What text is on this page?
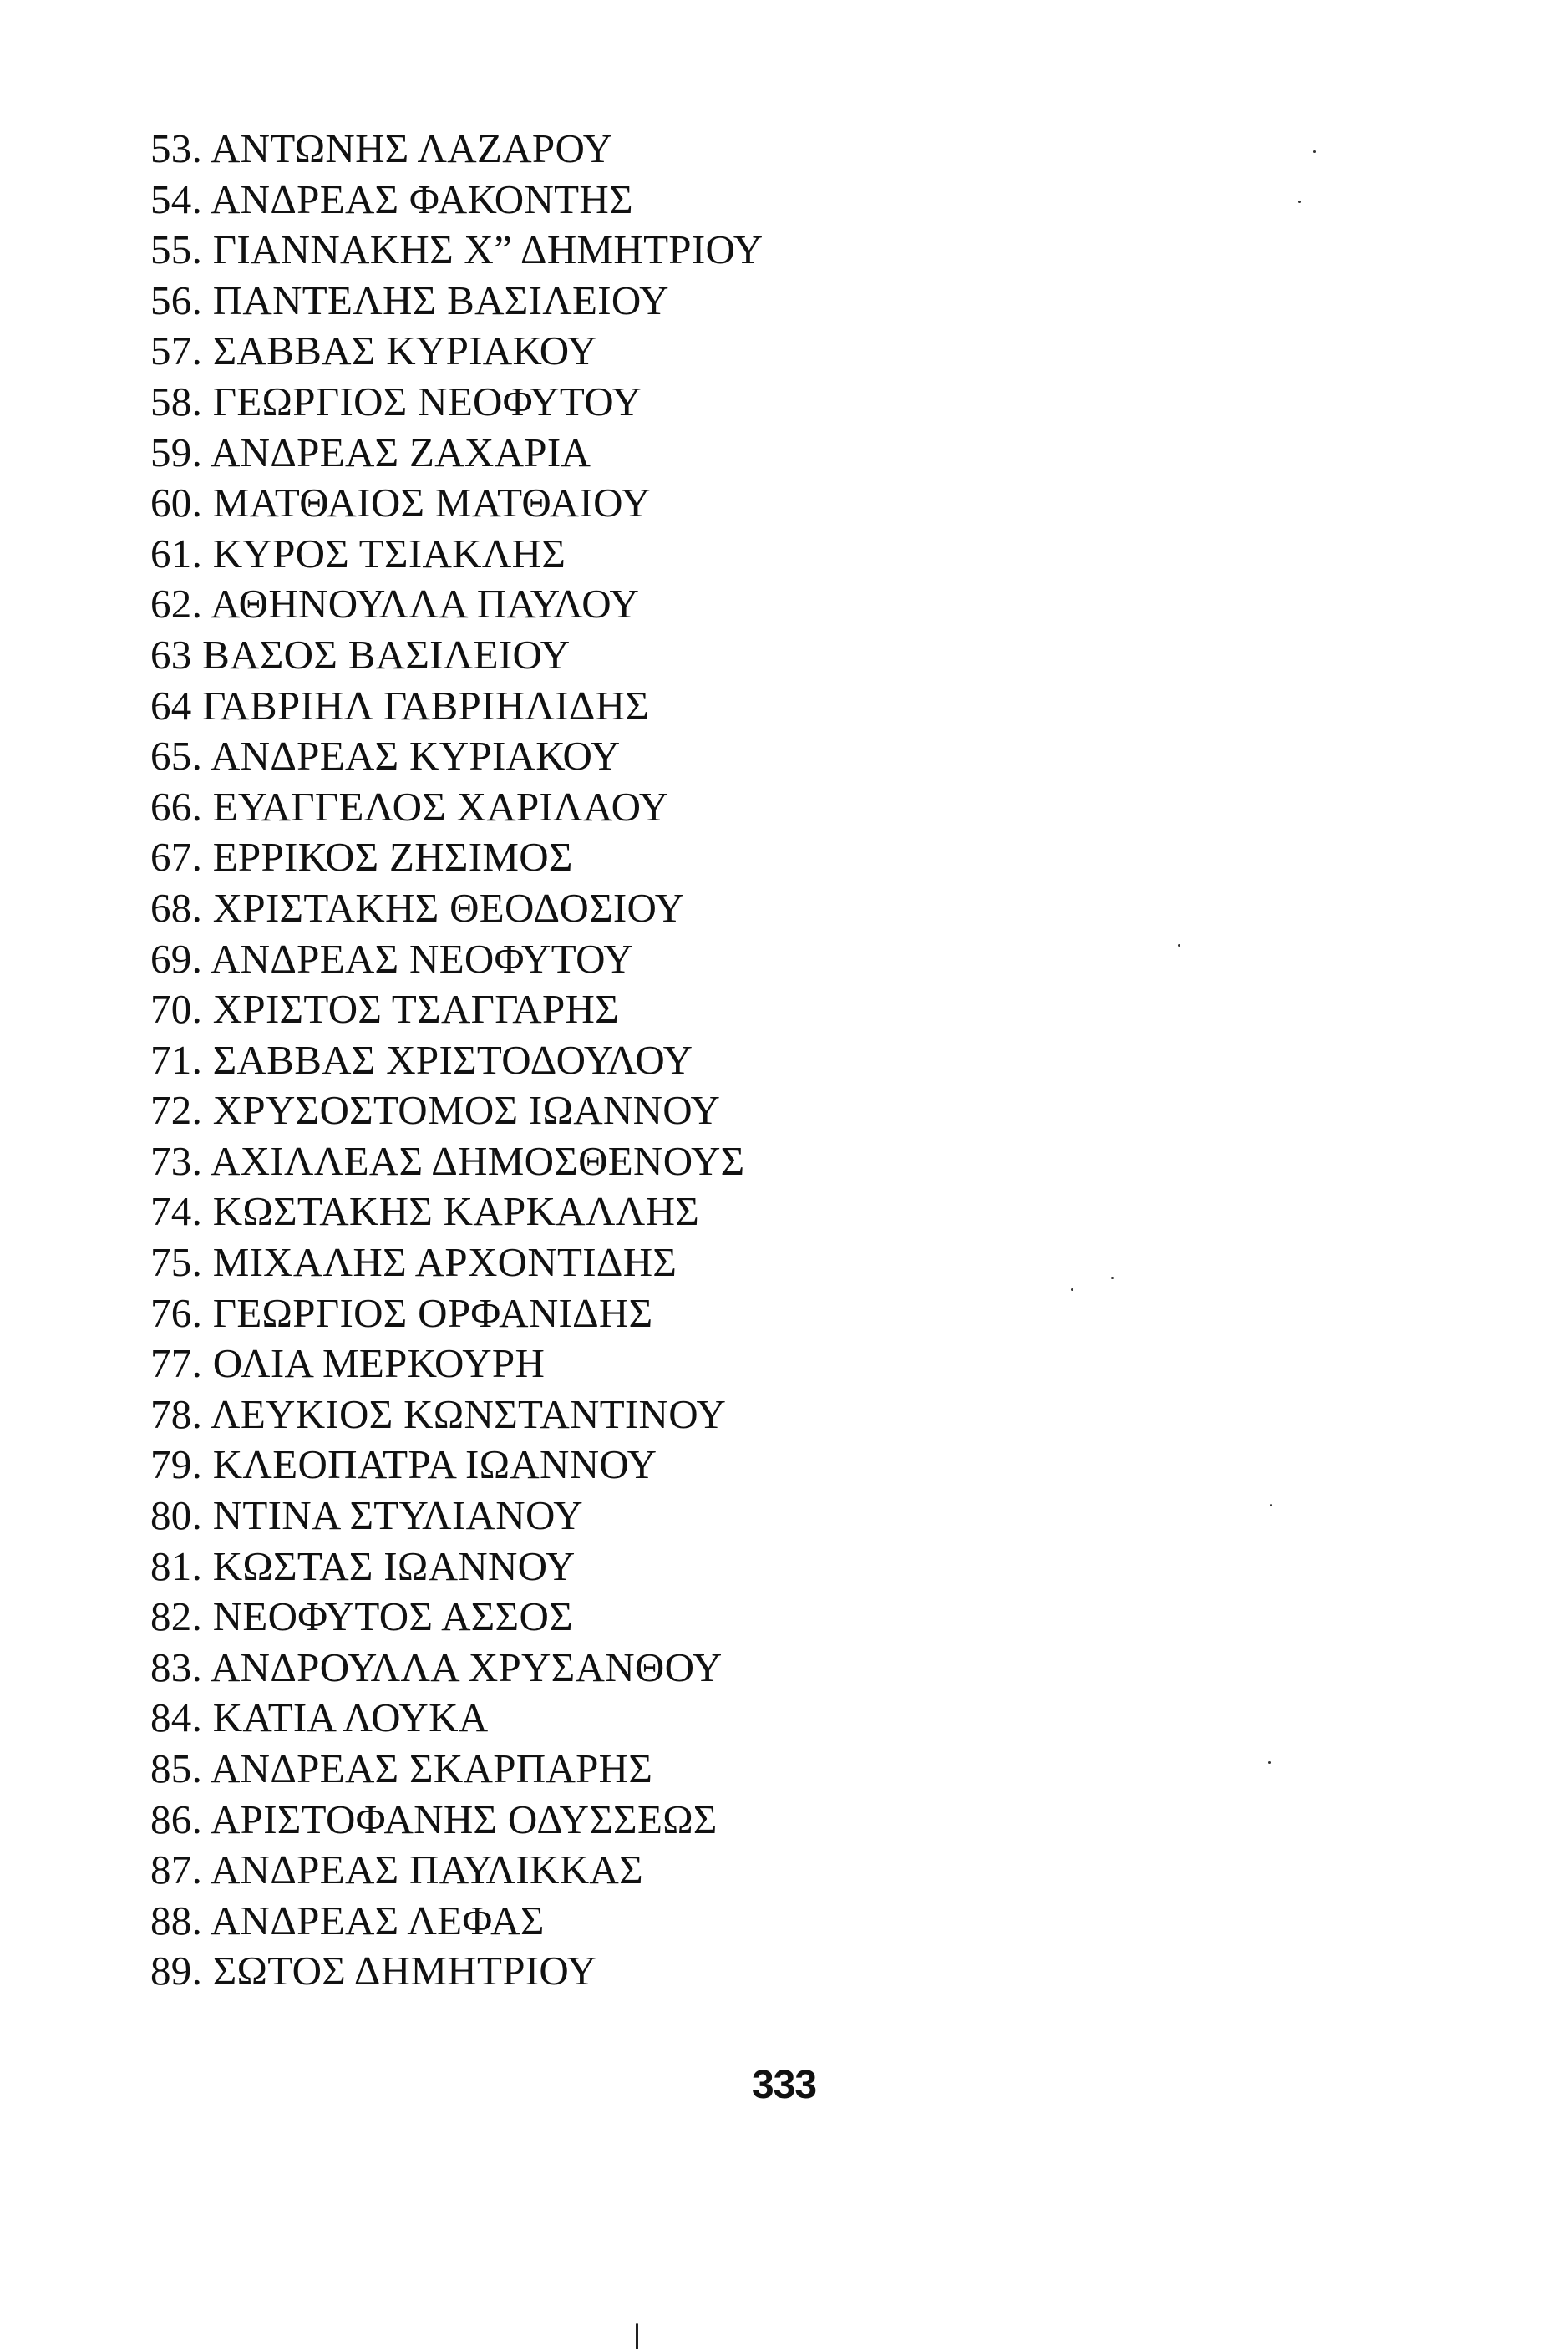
53. ΑΝΤΩΝΗΣ ΛΑΖΑΡΟΥ
54. ΑΝΔΡΕΑΣ ΦΑΚΟΝΤΗΣ
55. ΓΙΑΝΝΑΚΗΣ Χ” ΔΗΜΗΤΡΙΟΥ
56. ΠΑΝΤΕΛΗΣ ΒΑΣΙΛΕΙΟΥ
57. ΣΑΒΒΑΣ ΚΥΡΙΑΚΟΥ
58. ΓΕΩΡΓΙΟΣ ΝΕΟΦΥΤΟΥ
59. ΑΝΔΡΕΑΣ ΖΑΧΑΡΙΑ
60. ΜΑΤΘΑΙΟΣ ΜΑΤΘΑΙΟΥ
61. ΚΥΡΟΣ ΤΣΙΑΚΛΗΣ
62. ΑΘΗΝΟΥΛΛΑ ΠΑΥΛΟΥ
63 ΒΑΣΟΣ ΒΑΣΙΛΕΙΟΥ
64 ΓΑΒΡΙΗΛ ΓΑΒΡΙΗΛΙΔΗΣ
65. ΑΝΔΡΕΑΣ ΚΥΡΙΑΚΟΥ
66. ΕΥΑΓΓΕΛΟΣ ΧΑΡΙΛΑΟΥ
67. ΕΡΡΙΚΟΣ ΖΗΣΙΜΟΣ
68. ΧΡΙΣΤΑΚΗΣ ΘΕΟΔΟΣΙΟΥ
69. ΑΝΔΡΕΑΣ ΝΕΟΦΥΤΟΥ
70. ΧΡΙΣΤΟΣ ΤΣΑΓΓΑΡΗΣ
71. ΣΑΒΒΑΣ ΧΡΙΣΤΟΔΟΥΛΟΥ
72. ΧΡΥΣΟΣΤΟΜΟΣ ΙΩΑΝΝΟΥ
73. ΑΧΙΛΛΕΑΣ ΔΗΜΟΣΘΕΝΟΥΣ
74. ΚΩΣΤΑΚΗΣ ΚΑΡΚΑΛΛΗΣ
75. ΜΙΧΑΛΗΣ ΑΡΧΟΝΤΙΔΗΣ
76. ΓΕΩΡΓΙΟΣ ΟΡΦΑΝΙΔΗΣ
77. ΟΛΙΑ ΜΕΡΚΟΥΡΗ
78. ΛΕΥΚΙΟΣ ΚΩΝΣΤΑΝΤΙΝΟΥ
79. ΚΛΕΟΠΑΤΡΑ ΙΩΑΝΝΟΥ
80. ΝΤΙΝΑ ΣΤΥΛΙΑΝΟΥ
81. ΚΩΣΤΑΣ ΙΩΑΝΝΟΥ
82. ΝΕΟΦΥΤΟΣ ΑΣΣΟΣ
83. ΑΝΔΡΟΥΛΛΑ ΧΡΥΣΑΝΘΟΥ
84. ΚΑΤΙΑ ΛΟΥΚΑ
85. ΑΝΔΡΕΑΣ ΣΚΑΡΠΑΡΗΣ
86. ΑΡΙΣΤΟΦΑΝΗΣ ΟΔΥΣΣΕΩΣ
87. ΑΝΔΡΕΑΣ ΠΑΥΛΙΚΚΑΣ
88. ΑΝΔΡΕΑΣ ΛΕΦΑΣ
89. ΣΩΤΟΣ ΔΗΜΗΤΡΙΟΥ
333
